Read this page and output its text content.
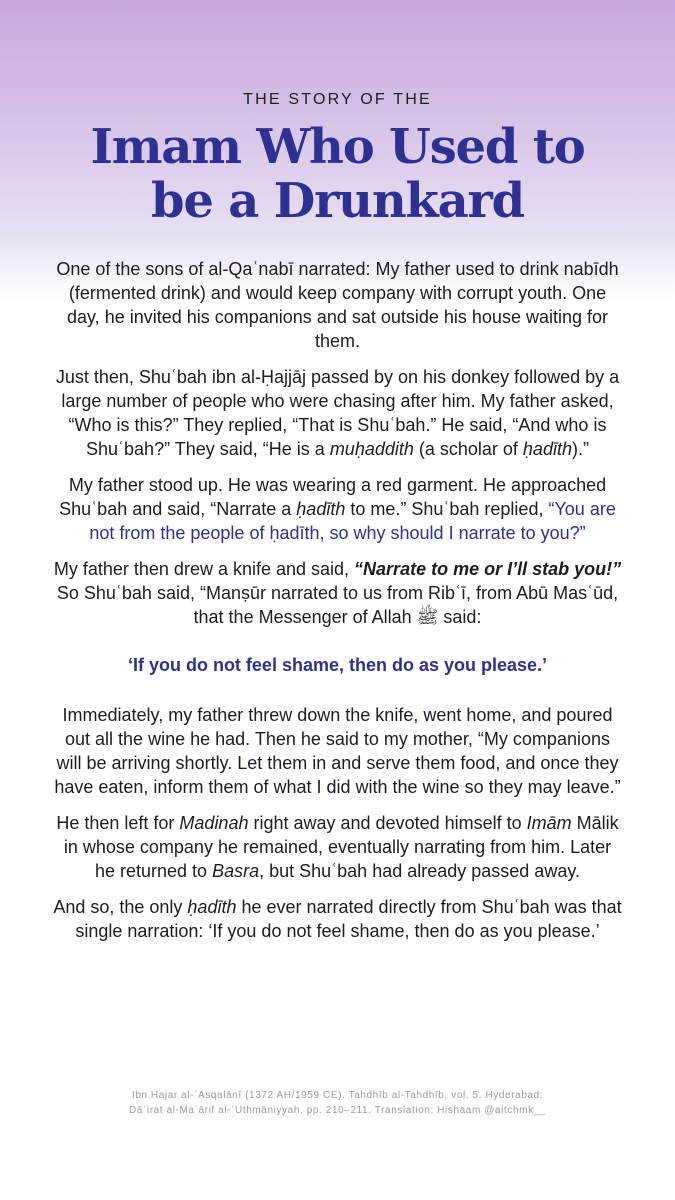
THE STORY OF THE
Imam Who Used to
be a Drunkard

One of the sons of al-Qaʿnabī narrated: My father used to drink nabīdh (fermented drink) and would keep company with corrupt youth. One day, he invited his companions and sat outside his house waiting for them.

Just then, Shuʿbah ibn al-Ḥajjāj passed by on his donkey followed by a large number of people who were chasing after him. My father asked, “Who is this?” They replied, “That is Shuʿbah.” He said, “And who is Shuʿbah?” They said, “He is a muḥaddith (a scholar of ḥadīth).”

My father stood up. He was wearing a red garment. He approached Shuʿbah and said, “Narrate a ḥadīth to me.” Shuʿbah replied, “You are not from the people of ḥadīth, so why should I narrate to you?”

My father then drew a knife and said, “Narrate to me or I’ll stab you!” So Shuʿbah said, “Manṣūr narrated to us from Ribʿī, from Abū Masʿūd, that the Messenger of Allah ﷺ said:

‘If you do not feel shame, then do as you please.’

Immediately, my father threw down the knife, went home, and poured out all the wine he had. Then he said to my mother, “My companions will be arriving shortly. Let them in and serve them food, and once they have eaten, inform them of what I did with the wine so they may leave.”

He then left for Madinah right away and devoted himself to Imām Mālik in whose company he remained, eventually narrating from him. Later he returned to Basra, but Shuʿbah had already passed away.

And so, the only ḥadīth he ever narrated directly from Shuʿbah was that single narration: ‘If you do not feel shame, then do as you please.’

Ibn Hajar al-ʿAsqalānī (1372 AH/1959 CE). Tahdhīb al-Tahdhīb, vol. 5. Hyderabad:

Dāʾirat al-Maʿārif al-ʿUthmāniyyah, pp. 210–211. Translation: Hishaam @aitchmk__
